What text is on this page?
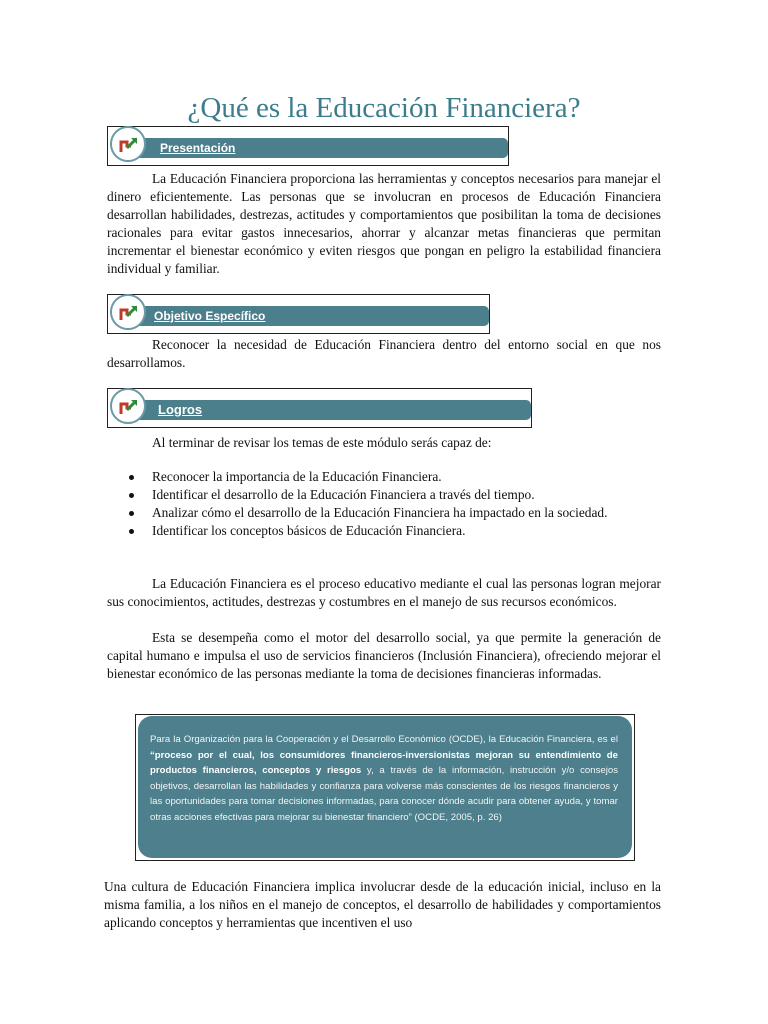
¿Qué es la Educación Financiera?
Presentación

La Educación Financiera proporciona las herramientas y conceptos necesarios para manejar el dinero eficientemente. Las personas que se involucran en procesos de Educación Financiera desarrollan habilidades, destrezas, actitudes y comportamientos que posibilitan la toma de decisiones racionales para evitar gastos innecesarios, ahorrar y alcanzar metas financieras que permitan incrementar el bienestar económico y eviten riesgos que pongan en peligro la estabilidad financiera individual y familiar.

Objetivo Específico

Reconocer la necesidad de Educación Financiera dentro del entorno social en que nos desarrollamos.

Logros

Al terminar de revisar los temas de este módulo serás capaz de:

Reconocer la importancia de la Educación Financiera.
Identificar el desarrollo de la Educación Financiera a través del tiempo.
Analizar cómo el desarrollo de la Educación Financiera ha impactado en la sociedad.
Identificar los conceptos básicos de Educación Financiera.

La Educación Financiera es el proceso educativo mediante el cual las personas logran mejorar sus conocimientos, actitudes, destrezas y costumbres en el manejo de sus recursos económicos.

Esta se desempeña como el motor del desarrollo social, ya que permite la generación de capital humano e impulsa el uso de servicios financieros (Inclusión Financiera), ofreciendo mejorar el bienestar económico de las personas mediante la toma de decisiones financieras informadas.

Para la Organización para la Cooperación y el Desarrollo Económico (OCDE), la Educación Financiera, es el “proceso por el cual, los consumidores financieros-inversionistas mejoran su entendimiento de productos financieros, conceptos y riesgos y, a través de la información, instrucción y/o consejos objetivos, desarrollan las habilidades y confianza para volverse más conscientes de los riesgos financieros y las oportunidades para tomar decisiones informadas, para conocer dónde acudir para obtener ayuda, y tomar otras acciones efectivas para mejorar su bienestar financiero” (OCDE, 2005, p. 26)

Una cultura de Educación Financiera implica involucrar desde de la educación inicial, incluso en la misma familia, a los niños en el manejo de conceptos, el desarrollo de habilidades y comportamientos aplicando conceptos y herramientas que incentiven el uso
